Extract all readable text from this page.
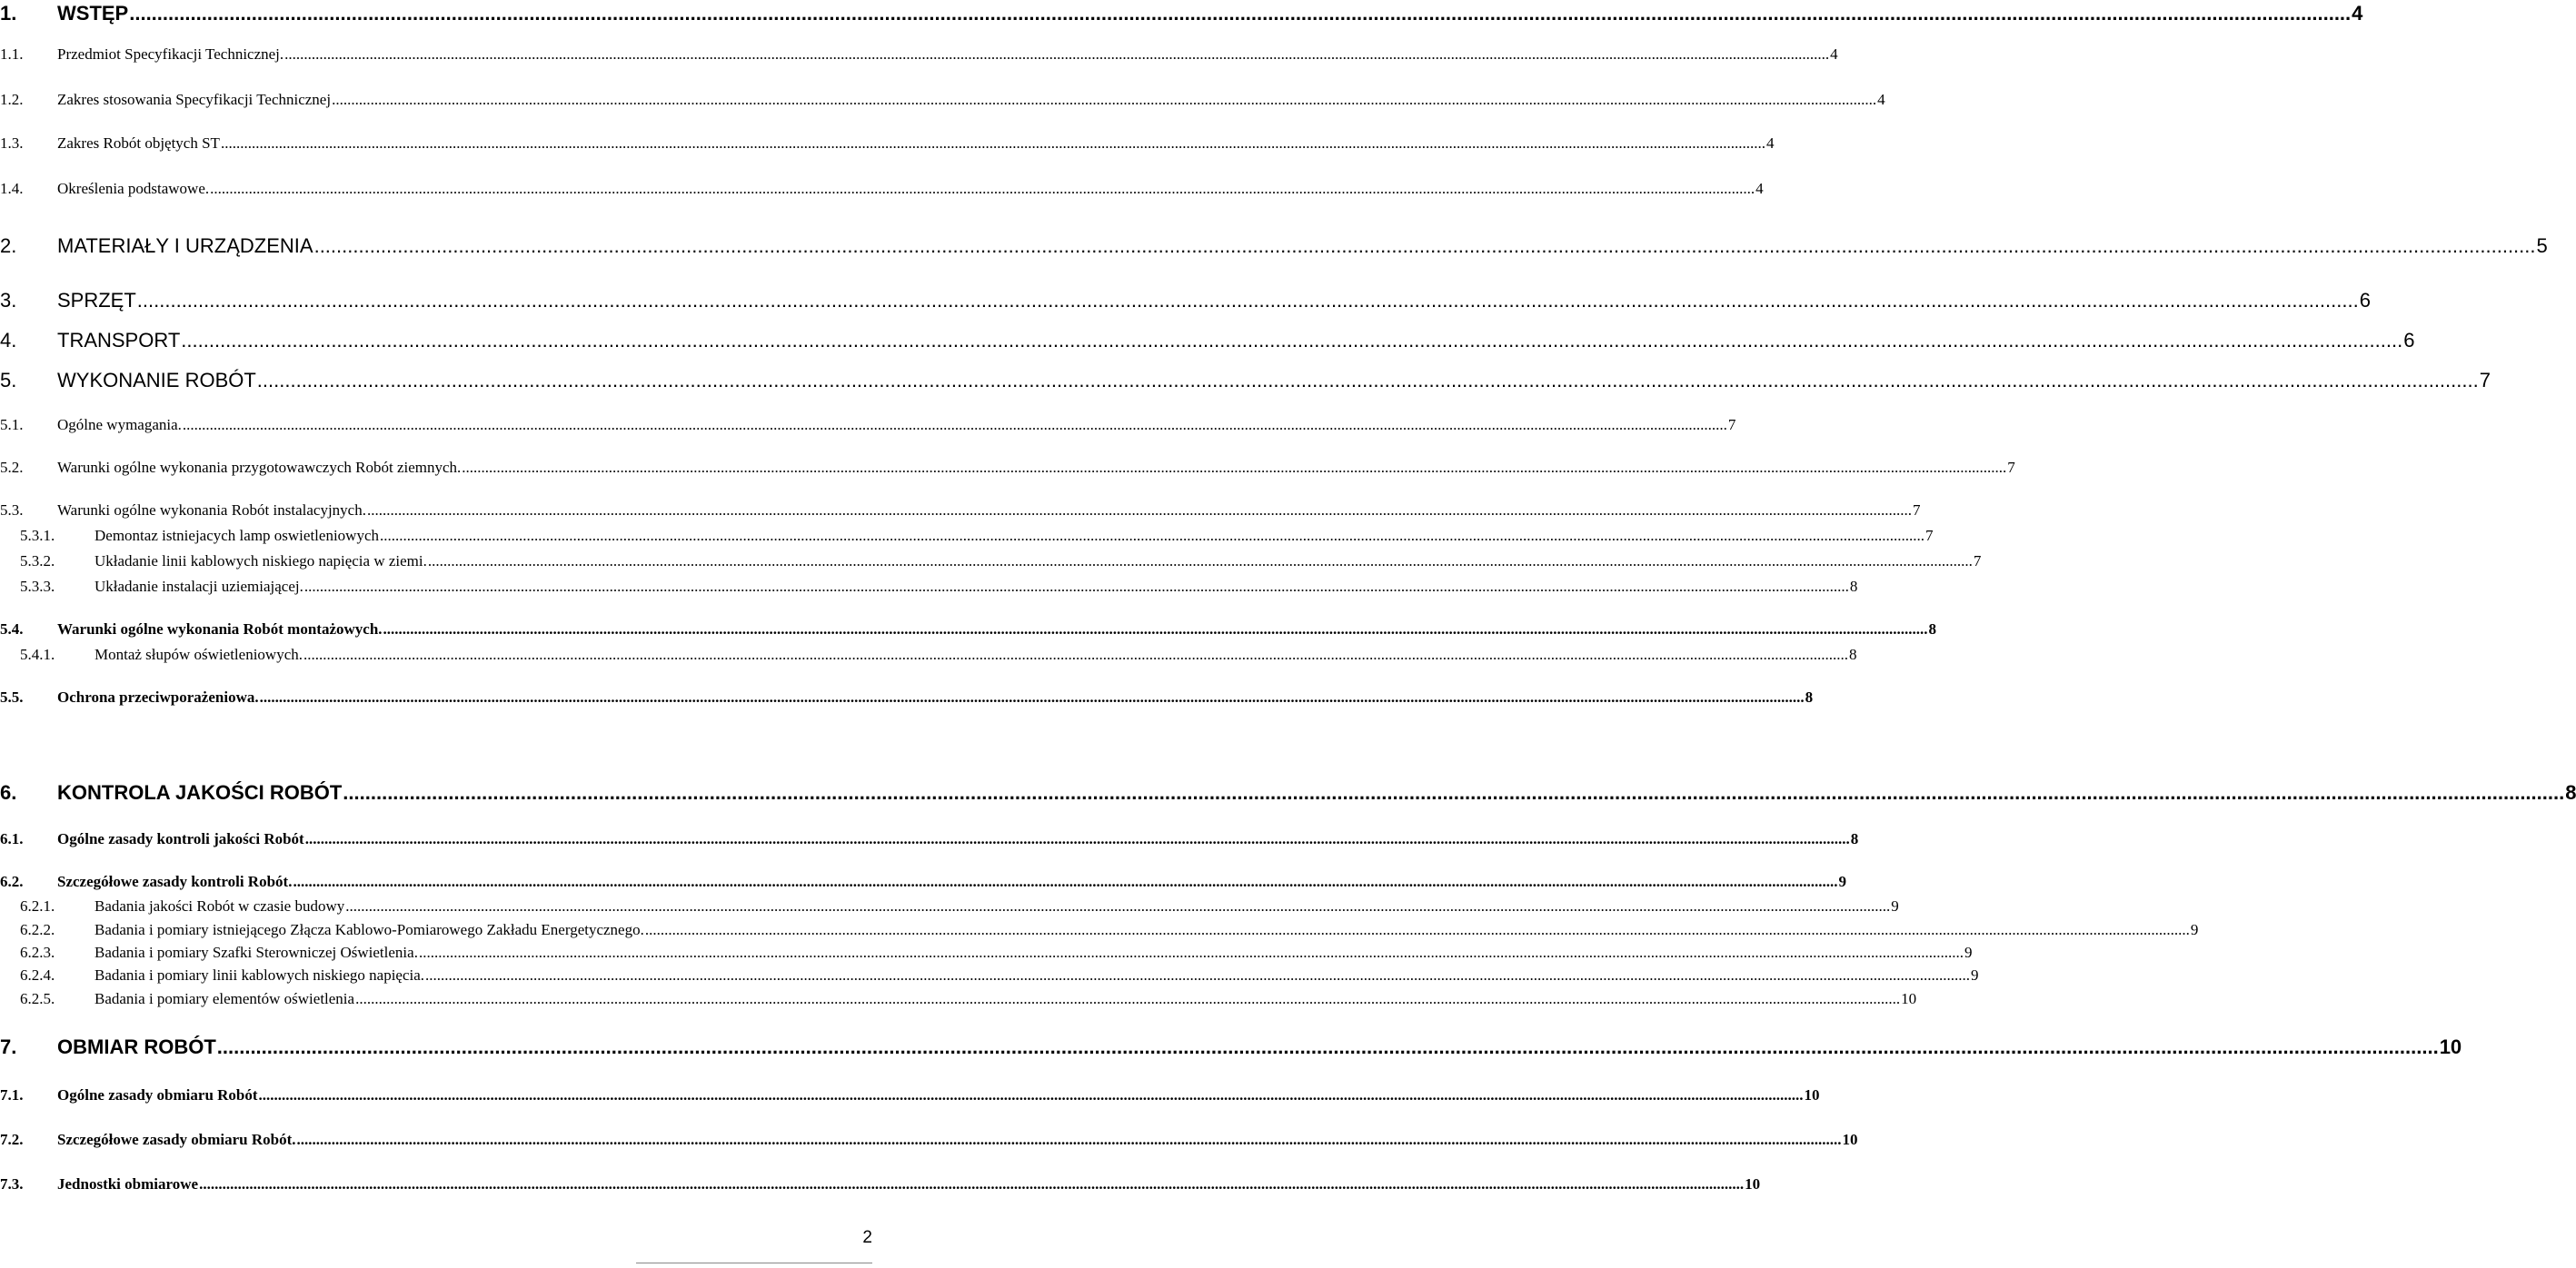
1.	WSTĘP ................................................................................................................................................................................................................................................................................................................................................................................................................ 4
1.1.	Przedmiot Specyfikacji Technicznej. ................................................................................................................................................................................................................................................................................................................................................................................................................ 4
1.2.	Zakres stosowania Specyfikacji Technicznej ................................................................................................................................................................................................................................................................................................................................................................................................................ 4
1.3.	Zakres Robót objętych ST ................................................................................................................................................................................................................................................................................................................................................................................................................ 4
1.4.	Określenia podstawowe. ................................................................................................................................................................................................................................................................................................................................................................................................................ 4
2.	MATERIAŁY I URZĄDZENIA ................................................................................................................................................................................................................................................................................................................................................................................................................ 5
3.	SPRZĘT ................................................................................................................................................................................................................................................................................................................................................................................................................ 6
4.	TRANSPORT ................................................................................................................................................................................................................................................................................................................................................................................................................ 6
5.	WYKONANIE ROBÓT ................................................................................................................................................................................................................................................................................................................................................................................................................ 7
5.1.	Ogólne wymagania. ................................................................................................................................................................................................................................................................................................................................................................................................................ 7
5.2.	Warunki ogólne wykonania przygotowawczych Robót ziemnych. ................................................................................................................................................................................................................................................................................................................................................................................................................ 7
5.3.	Warunki ogólne wykonania Robót instalacyjnych. ................................................................................................................................................................................................................................................................................................................................................................................................................ 7
5.3.1.	Demontaz istniejacych lamp oswietleniowych ................................................................................................................................................................................................................................................................................................................................................................................................................ 7
5.3.2.	Układanie linii kablowych niskiego napięcia w ziemi. ................................................................................................................................................................................................................................................................................................................................................................................................................ 7
5.3.3.	Układanie instalacji uziemiającej. ................................................................................................................................................................................................................................................................................................................................................................................................................ 8
5.4.	Warunki ogólne wykonania Robót montażowych. ................................................................................................................................................................................................................................................................................................................................................................................................................ 8
5.4.1.	Montaż słupów oświetleniowych. ................................................................................................................................................................................................................................................................................................................................................................................................................ 8
5.5.	Ochrona przeciwporażeniowa. ................................................................................................................................................................................................................................................................................................................................................................................................................ 8
6.	KONTROLA JAKOŚCI ROBÓT ................................................................................................................................................................................................................................................................................................................................................................................................................ 8
6.1.	Ogólne zasady kontroli jakości Robót ................................................................................................................................................................................................................................................................................................................................................................................................................ 8
6.2.	Szczegółowe zasady kontroli Robót. ................................................................................................................................................................................................................................................................................................................................................................................................................ 9
6.2.1.	Badania jakości Robót w czasie budowy ................................................................................................................................................................................................................................................................................................................................................................................................................ 9
6.2.2.	Badania i pomiary istniejącego Złącza Kablowo-Pomiarowego Zakładu Energetycznego. ................................................................................................................................................................................................................................................................................................................................................................................................................ 9
6.2.3.	Badania i pomiary Szafki Sterowniczej Oświetlenia. ................................................................................................................................................................................................................................................................................................................................................................................................................ 9
6.2.4.	Badania i pomiary linii kablowych niskiego napięcia. ................................................................................................................................................................................................................................................................................................................................................................................................................ 9
6.2.5.	Badania i pomiary elementów oświetlenia ................................................................................................................................................................................................................................................................................................................................................................................................................ 10
7.	OBMIAR ROBÓT ................................................................................................................................................................................................................................................................................................................................................................................................................ 10
7.1.	Ogólne zasady obmiaru Robót ................................................................................................................................................................................................................................................................................................................................................................................................................ 10
7.2.	Szczegółowe zasady obmiaru Robót. ................................................................................................................................................................................................................................................................................................................................................................................................................ 10
7.3.	Jednostki obmiarowe ................................................................................................................................................................................................................................................................................................................................................................................................................ 10
2
